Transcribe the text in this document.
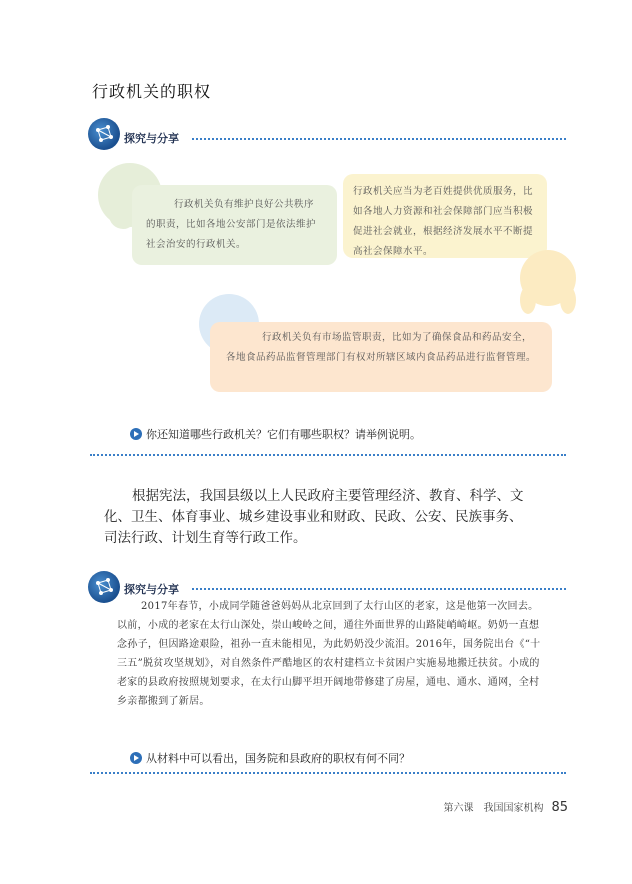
行政机关的职权
探究与分享
行政机关负有维护良好公共秩序的职责，比如各地公安部门是依法维护社会治安的行政机关。
行政机关应当为老百姓提供优质服务，比如各地人力资源和社会保障部门应当积极促进社会就业，根据经济发展水平不断提高社会保障水平。
行政机关负有市场监管职责，比如为了确保食品和药品安全，各地食品药品监督管理部门有权对所辖区域内食品药品进行监督管理。
你还知道哪些行政机关？它们有哪些职权？请举例说明。
根据宪法，我国县级以上人民政府主要管理经济、教育、科学、文化、卫生、体育事业、城乡建设事业和财政、民政、公安、民族事务、司法行政、计划生育等行政工作。
探究与分享
2017年春节，小成同学随爸爸妈妈从北京回到了太行山区的老家，这是他第一次回去。以前，小成的老家在太行山深处，崇山峻岭之间，通往外面世界的山路陡峭崎岖。奶奶一直想念孙子，但因路途艰险，祖孙一直未能相见，为此奶奶没少流泪。2016年，国务院出台《“十三五”脱贫攻坚规划》，对自然条件严酷地区的农村建档立卡贫困户实施易地搬迁扶贫。小成的老家的县政府按照规划要求，在太行山脚平坦开阔地带修建了房屋，通电、通水、通网，全村乡亲都搬到了新居。
从材料中可以看出，国务院和县政府的职权有何不同？
第六课　我国国家机构 85
